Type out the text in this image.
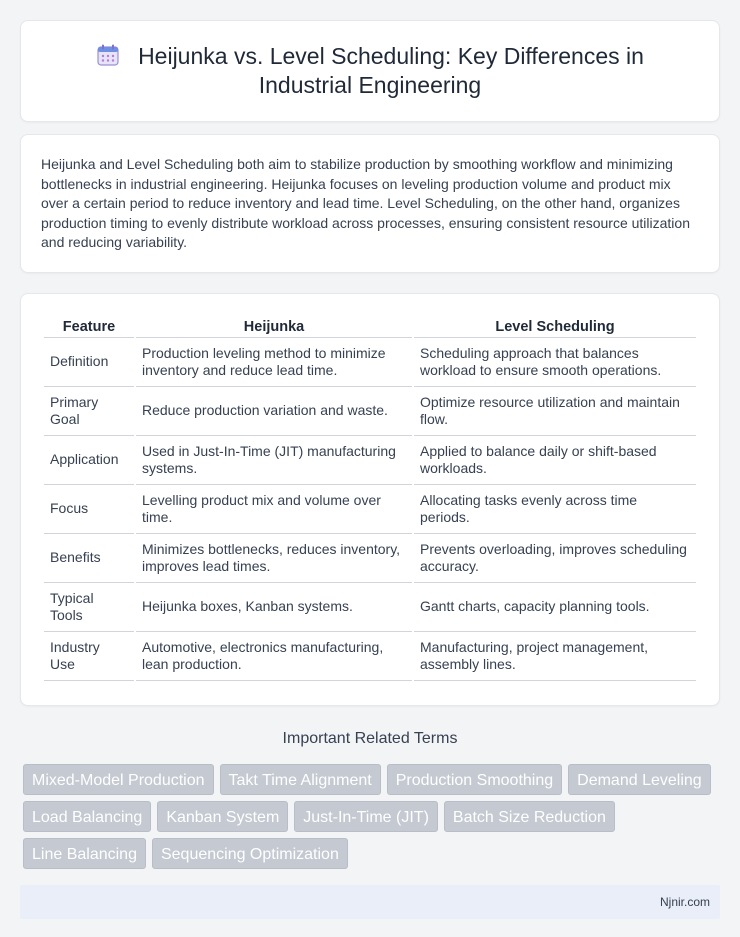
Heijunka vs. Level Scheduling: Key Differences in Industrial Engineering

Heijunka and Level Scheduling both aim to stabilize production by smoothing workflow and minimizing bottlenecks in industrial engineering. Heijunka focuses on leveling production volume and product mix over a certain period to reduce inventory and lead time. Level Scheduling, on the other hand, organizes production timing to evenly distribute workload across processes, ensuring consistent resource utilization and reducing variability.

Feature	Heijunka	Level Scheduling
Definition	Production leveling method to minimize inventory and reduce lead time.	Scheduling approach that balances workload to ensure smooth operations.
Primary Goal	Reduce production variation and waste.	Optimize resource utilization and maintain flow.
Application	Used in Just-In-Time (JIT) manufacturing systems.	Applied to balance daily or shift-based workloads.
Focus	Levelling product mix and volume over time.	Allocating tasks evenly across time periods.
Benefits	Minimizes bottlenecks, reduces inventory, improves lead times.	Prevents overloading, improves scheduling accuracy.
Typical Tools	Heijunka boxes, Kanban systems.	Gantt charts, capacity planning tools.
Industry Use	Automotive, electronics manufacturing, lean production.	Manufacturing, project management, assembly lines.
Important Related Terms
Mixed-Model Production	Takt Time Alignment	Production Smoothing	Demand Leveling
Load Balancing	Kanban System	Just-In-Time (JIT)	Batch Size Reduction
Line Balancing	Sequencing Optimization
Njnir.com
